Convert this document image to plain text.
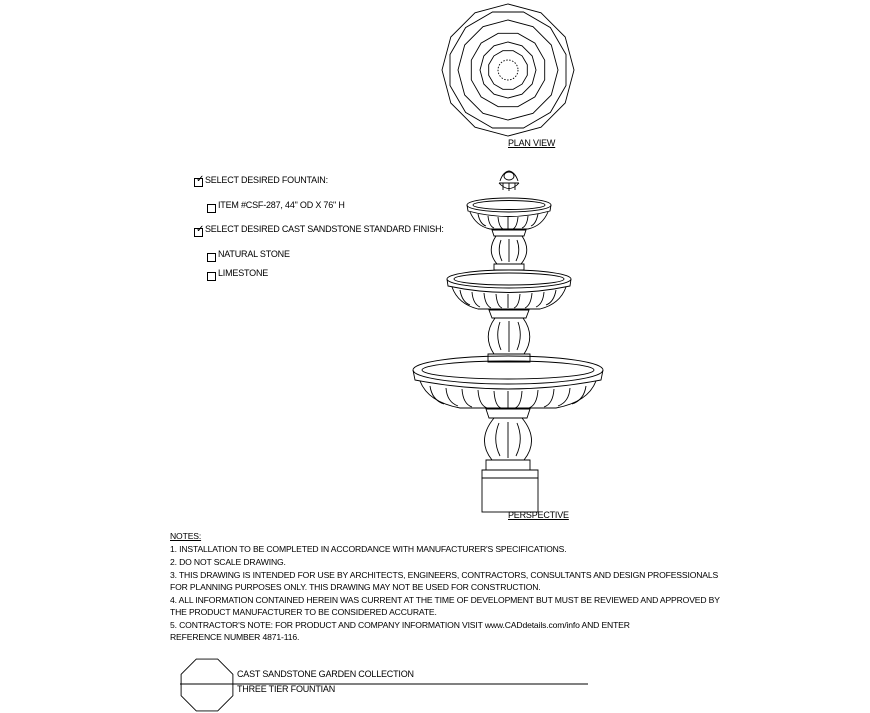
PLAN VIEW
PERSPECTIVE
✓ SELECT DESIRED FOUNTAIN:
ITEM #CSF-287, 44" OD X 76" H
✓ SELECT DESIRED CAST SANDSTONE STANDARD FINISH:
NATURAL STONE
LIMESTONE
NOTES:
1. INSTALLATION TO BE COMPLETED IN ACCORDANCE WITH MANUFACTURER'S SPECIFICATIONS.
2. DO NOT SCALE DRAWING.
3. THIS DRAWING IS INTENDED FOR USE BY ARCHITECTS, ENGINEERS, CONTRACTORS, CONSULTANTS AND DESIGN PROFESSIONALS
FOR PLANNING PURPOSES ONLY. THIS DRAWING MAY NOT BE USED FOR CONSTRUCTION.
4. ALL INFORMATION CONTAINED HEREIN WAS CURRENT AT THE TIME OF DEVELOPMENT BUT MUST BE REVIEWED AND APPROVED BY
THE PRODUCT MANUFACTURER TO BE CONSIDERED ACCURATE.
5. CONTRACTOR'S NOTE: FOR PRODUCT AND COMPANY INFORMATION VISIT www.CADdetails.com/info AND ENTER
REFERENCE NUMBER 4871-116.
CAST SANDSTONE GARDEN COLLECTION
THREE TIER FOUNTIAN
